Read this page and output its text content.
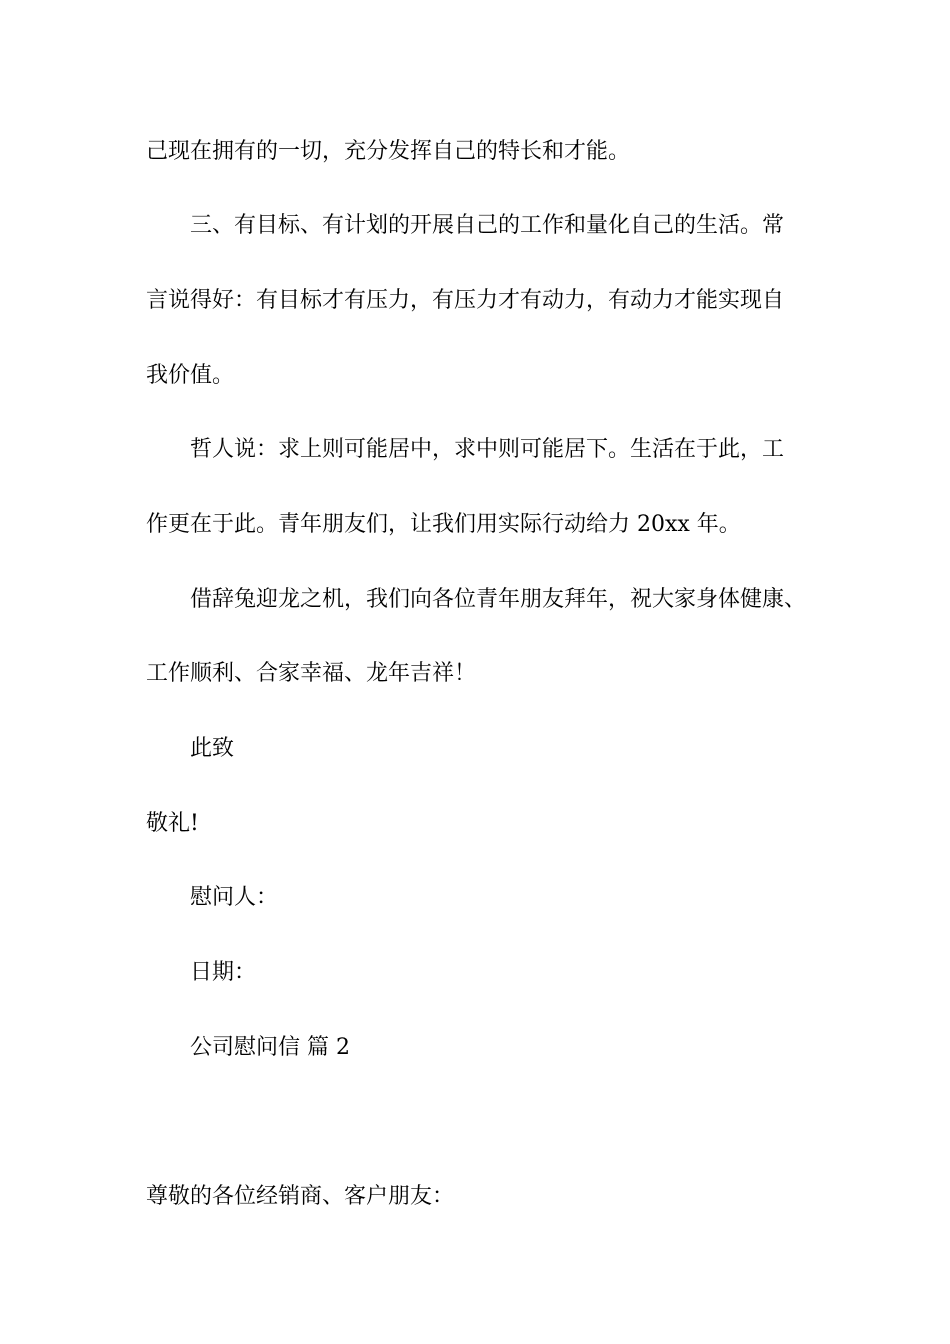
己现在拥有的一切，充分发挥自己的特长和才能。
三、有目标、有计划的开展自己的工作和量化自己的生活。常
言说得好：有目标才有压力，有压力才有动力，有动力才能实现自
我价值。
哲人说：求上则可能居中，求中则可能居下。生活在于此，工
作更在于此。青年朋友们，让我们用实际行动给力 20xx 年。
借辞兔迎龙之机，我们向各位青年朋友拜年，祝大家身体健康、
工作顺利、合家幸福、龙年吉祥！
此致
敬礼!
慰问人：
日期：
公司慰问信 篇 2
尊敬的各位经销商、客户朋友：
